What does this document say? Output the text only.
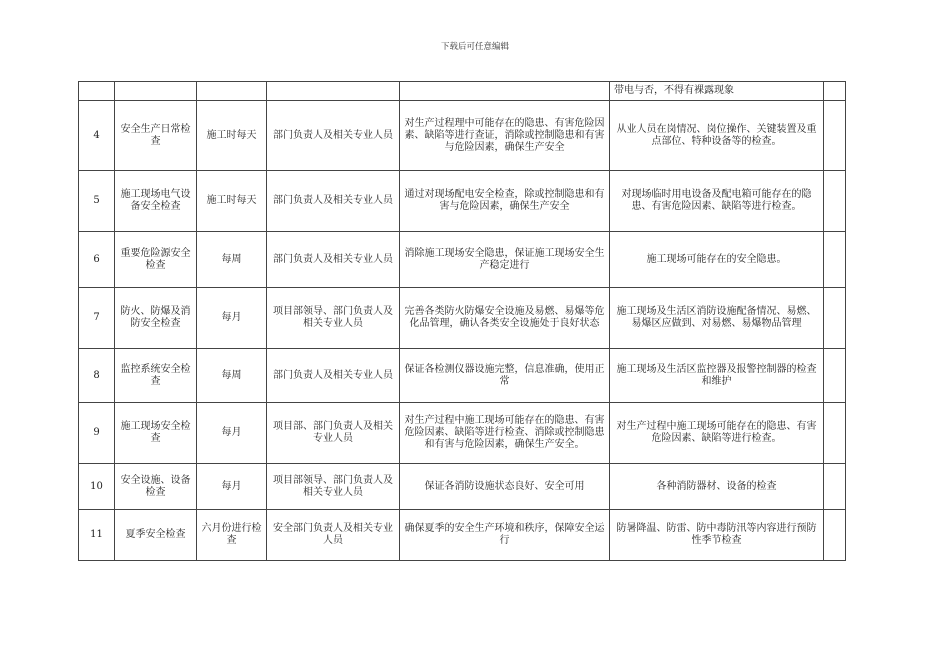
下载后可任意编辑
					带电与否，不得有裸露现象	
4	安全生产日常检查	施工时每天	部门负责人及相关专业人员	对生产过程理中可能存在的隐患、有害危险因素、缺陷等进行查证，消除或控制隐患和有害与危险因素，确保生产安全	从业人员在岗情况、岗位操作、关键装置及重点部位、特种设备等的检查。	
5	施工现场电气设备安全检查	施工时每天	部门负责人及相关专业人员	通过对现场配电安全检查，除或控制隐患和有害与危险因素，确保生产安全	对现场临时用电设备及配电箱可能存在的隐患、有害危险因素、缺陷等进行检查。	
6	重要危险源安全检查	每周	部门负责人及相关专业人员	消除施工现场安全隐患，保证施工现场安全生产稳定进行	施工现场可能存在的安全隐患。	
7	防火、防爆及消防安全检查	每月	项目部领导、部门负责人及相关专业人员	完善各类防火防爆安全设施及易燃、易爆等危化品管理，确认各类安全设施处于良好状态	施工现场及生活区消防设施配备情况、易燃、易爆区应做到、对易燃、易爆物品管理	
8	监控系统安全检查	每周	部门负责人及相关专业人员	保证各检测仪器设施完整，信息准确，使用正常	施工现场及生活区监控器及报警控制器的检查和维护	
9	施工现场安全检查	每月	项目部、部门负责人及相关专业人员	对生产过程中施工现场可能存在的隐患、有害危险因素、缺陷等进行检查、消除或控制隐患和有害与危险因素，确保生产安全。	对生产过程中施工现场可能存在的隐患、有害危险因素、缺陷等进行检查。	
10	安全设施、设备检查	每月	项目部领导、部门负责人及相关专业人员	保证各消防设施状态良好、安全可用	各种消防器材、设备的检查	
11	夏季安全检查	六月份进行检查	安全部门负责人及相关专业人员	确保夏季的安全生产环境和秩序，保障安全运行	防暑降温、防雷、防中毒防汛等内容进行预防性季节检查	
